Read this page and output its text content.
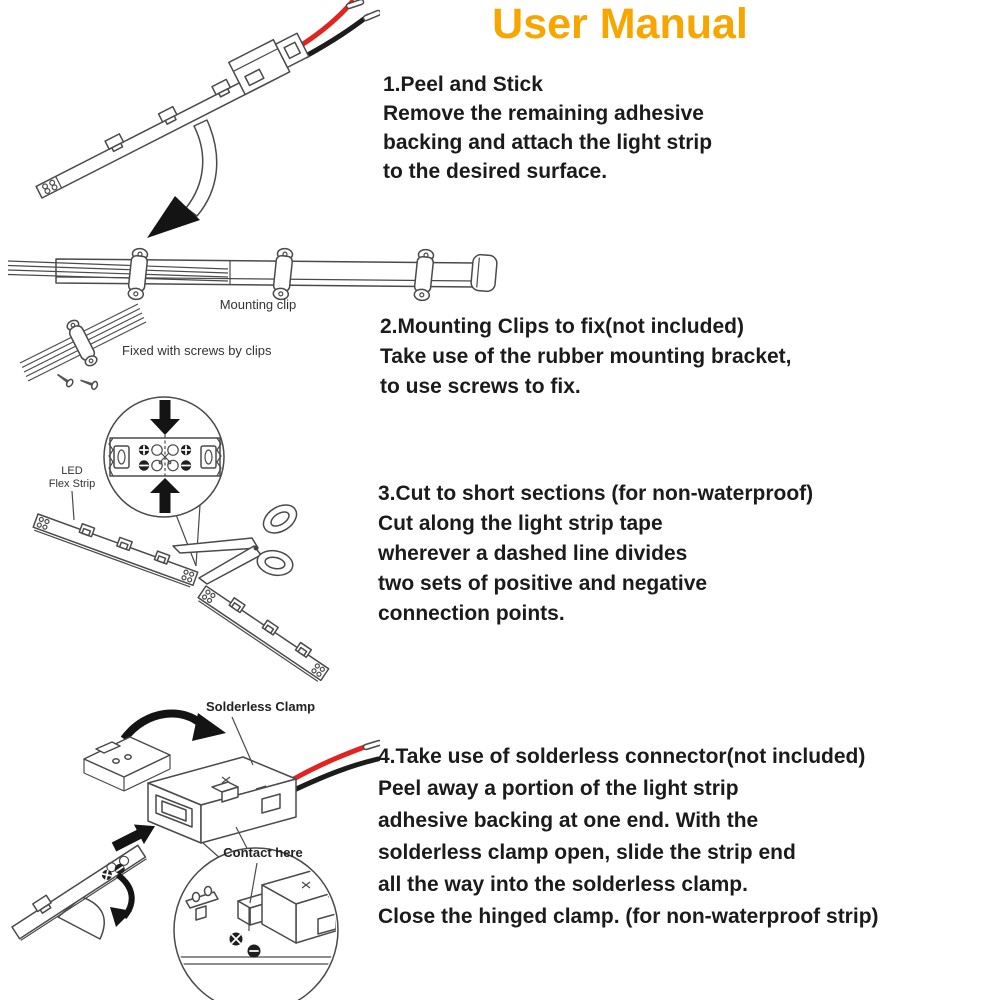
User Manual
Mounting clip
Fixed with screws by clips
LED
Flex Strip
Solderless Clamp
Contact here
1.Peel and Stick
Remove the remaining adhesive
backing and attach the light strip
to the desired surface.
2.Mounting Clips to fix(not included)
Take use of the rubber mounting bracket,
to use screws to fix.
3.Cut to short sections (for non-waterproof)
Cut along the light strip tape
wherever a dashed line divides
two sets of positive and negative
connection points.
4.Take use of solderless connector(not included)
Peel away a portion of the light strip
adhesive backing at one end. With the
solderless clamp open, slide the strip end
all the way into the solderless clamp.
Close the hinged clamp. (for non-waterproof strip)
